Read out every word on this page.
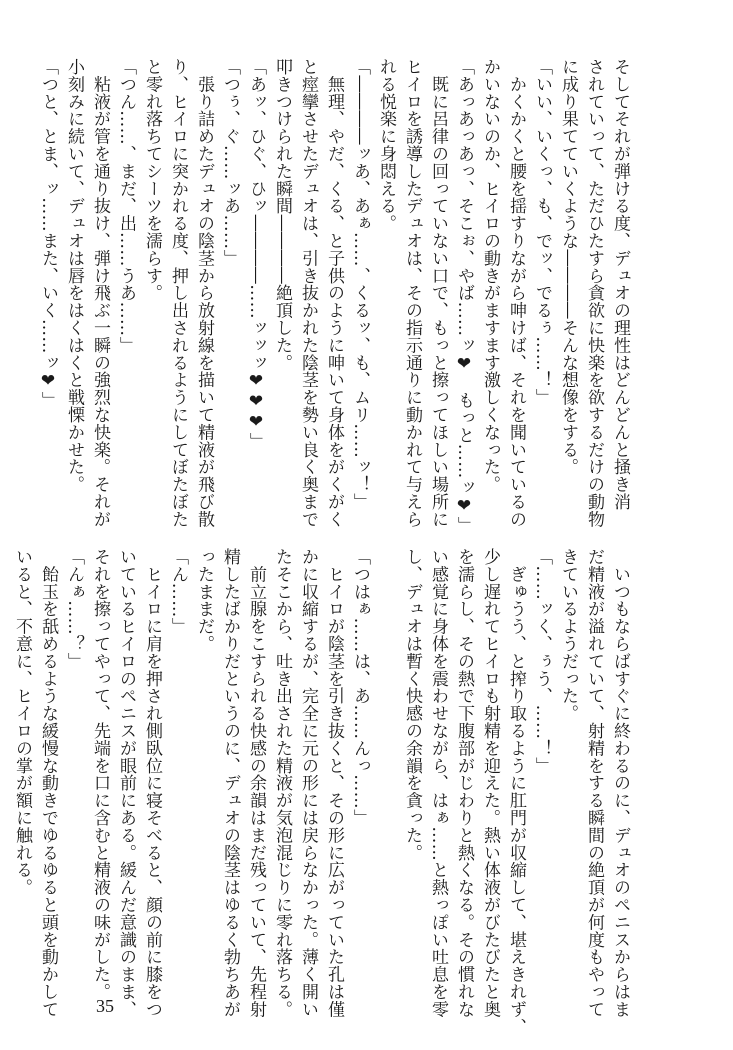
そしてそれが弾ける度、デュオの理性はどんどんと掻き消
されていって、ただひたすら貪欲に快楽を欲するだけの動物
に成り果てていくような――――そんな想像をする。
「いい、いくっ、も、でッ、でるぅ……！」
　かくかくと腰を揺すりながら呻けば、それを聞いているの
かいないのか、ヒイロの動きがますます激しくなった。
「あっあっあっ、そこぉ、やば……ッ❤　もっと……ッ❤」
　既に呂律の回っていない口で、もっと擦ってほしい場所に
ヒイロを誘導したデュオは、その指示通りに動かれて与えら
れる悦楽に身悶える。
「――――ッあ、あぁ……、くるッ、も、ムリ……ッ！」
　無理、やだ、くる、と子供のように呻いて身体をがくがく
と痙攣させたデュオは、引き抜かれた陰茎を勢い良く奥まで
叩きつけられた瞬間――――絶頂した。
「あッ、ひぐ、ひッ――――……ッッッ❤❤❤」
「つぅ、ぐ……ッあ……」
　張り詰めたデュオの陰茎から放射線を描いて精液が飛び散
り、ヒイロに突かれる度、押し出されるようにしてぼたぼた
と零れ落ちてシーツを濡らす。
「つん……、まだ、出……うあ……」
　粘液が管を通り抜け、弾け飛ぶ一瞬の強烈な快楽。それが
小刻みに続いて、デュオは唇をはくはくと戦慄かせた。
「つと、とま、ッ……また、いく……ッ❤」
　いつもならばすぐに終わるのに、デュオのペニスからはま
だ精液が溢れていて、射精をする瞬間の絶頂が何度もやって
きているようだった。
「……ッく、ぅう、……！」
　ぎゅうう、と搾り取るように肛門が収縮して、堪えきれず、
少し遅れてヒイロも射精を迎えた。熱い体液がびたびたと奥
を濡らし、その熱で下腹部がじわりと熱くなる。その慣れな
い感覚に身体を震わせながら、はぁ……と熱っぽい吐息を零
し、デュオは暫く快感の余韻を貪った。

「つはぁ……は、あ……んっ……」
　ヒイロが陰茎を引き抜くと、その形に広がっていた孔は僅
かに収縮するが、完全に元の形には戻らなかった。薄く開い
たそこから、吐き出された精液が気泡混じりに零れ落ちる。
　前立腺をこすられる快感の余韻はまだ残っていて、先程射
精したばかりだというのに、デュオの陰茎はゆるく勃ちあが
ったままだ。
「ん……」
　ヒイロに肩を押され側臥位に寝そべると、顔の前に膝をつ
いているヒイロのペニスが眼前にある。緩んだ意識のまま、
それを擦ってやって、先端を口に含むと精液の味がした。
「んぁ……？」
　飴玉を舐めるような緩慢な動きでゆるゆると頭を動かして
いると、不意に、ヒイロの掌が額に触れる。
35
